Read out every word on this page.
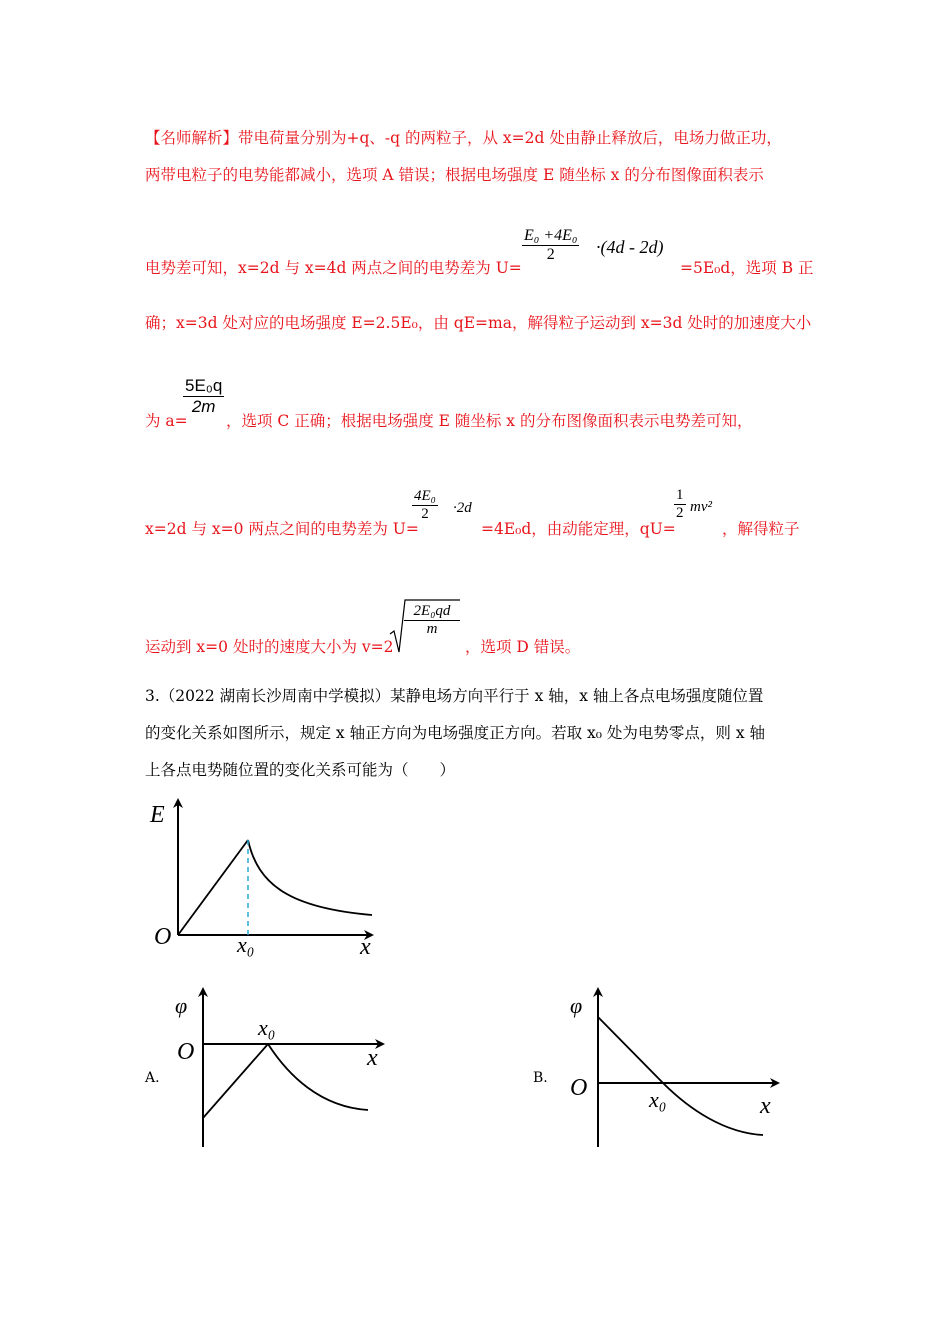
【名师解析】带电荷量分别为+q、-q 的两粒子，从 x=2d 处由静止释放后，电场力做正功，
两带电粒子的电势能都减小，选项 A 错误；根据电场强度 E 随坐标 x 的分布图像面积表示
电势差可知，x=2d 与 x=4d 两点之间的电势差为 U=
E₀ +4E₀
2	·(4d - 2d)
=5E₀d，选项 B 正
确；x=3d 处对应的电场强度 E=2.5E₀，由 qE=ma，解得粒子运动到 x=3d 处时的加速度大小
为 a=
5E₀q
2m
，选项 C 正确；根据电场强度 E 随坐标 x 的分布图像面积表示电势差可知，
x=2d 与 x=0 两点之间的电势差为 U=
4E₀
2	·2d
=4E₀d，由动能定理，qU=
1
2 mv²
，解得粒子
运动到 x=0 处时的速度大小为 v=2
2E₀qd
m
，选项 D 错误。
3.（2022 湖南长沙周南中学模拟）某静电场方向平行于 x 轴，x 轴上各点电场强度随位置
的变化关系如图所示，规定 x 轴正方向为电场强度正方向。若取 x₀ 处为电势零点，则 x 轴
上各点电势随位置的变化关系可能为（　　）
E
O	x₀	x
A.
φ
O
x₀
x
B.
φ
O	x₀	x
